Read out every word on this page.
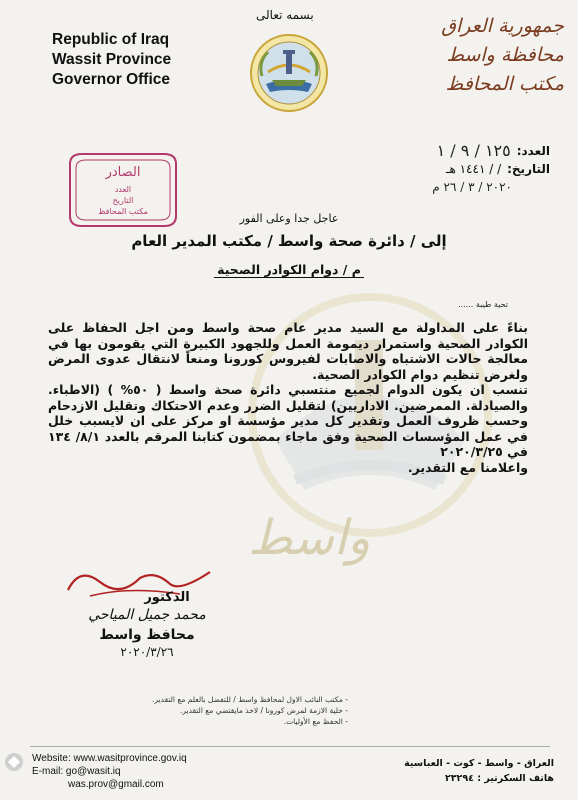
Republic of Iraq
Wassit Province
Governor Office
بسمه تعالى	جمهورية العراق
محافظة واسط
مكتب المحافظ
العدد:
١٢٥ / ٩ / ١
التاريخ:
/ / ١٤٤١ هـ
٢٠٢٠ / ٣ / ٢٦ م
الصادر
العدد
التاريخ
مكتب المحافظ
واسط
عاجل جدا وعلى الفور
إلى / دائرة صحة واسط / مكتب المدير العام
م / دوام الكوادر الصحية
تحية طيبة ......

بناءً على المداولة مع السيد مدير عام صحة واسط ومن اجل الحفاظ على الكوادر الصحية واستمرار ديمومة العمل وللجهود الكبيرة التي يقومون بها في معالجة حالات الاشتباه والاصابات لفيروس كورونا ومنعاً لانتقال عدوى المرض ولغرض تنظيم دوام الكوادر الصحية.

تنسب ان يكون الدوام لجميع منتسبي دائرة صحة واسط ( ٥٠% ) (الاطباء. والصيادلة. الممرضين. الاداريين) لتقليل الضرر وعدم الاحتكاك وتقليل الازدحام وحسب ظروف العمل وتقدير كل مدير مؤسسة او مركز على ان لايسبب خلل في عمل المؤسسات الصحية وفق ماجاء بمضمون كتابنا المرقم بالعدد ٨/١/ ١٣٤ في ٢٠٢٠/٣/٢٥

واعلامنا مع التقدير.

الدكتور
محمد جميل المياحي
محافظ واسط
٢٠٢٠/٣/٢٦
- مكتب النائب الاول لمحافظ واسط / للتفضل بالعلم مع التقدير.
- خلية الازمة لمرض كورونا / لاخذ مايقتضي مع التقدير.
- الحفظ مع الأوليات.
Website: www.wasitprovince.gov.iq
E-mail: go@wasit.iq
was.prov@gmail.com
العراق - واسط - كوت - العباسية
هاتف السكرتير : ٢٣٢٩٤
